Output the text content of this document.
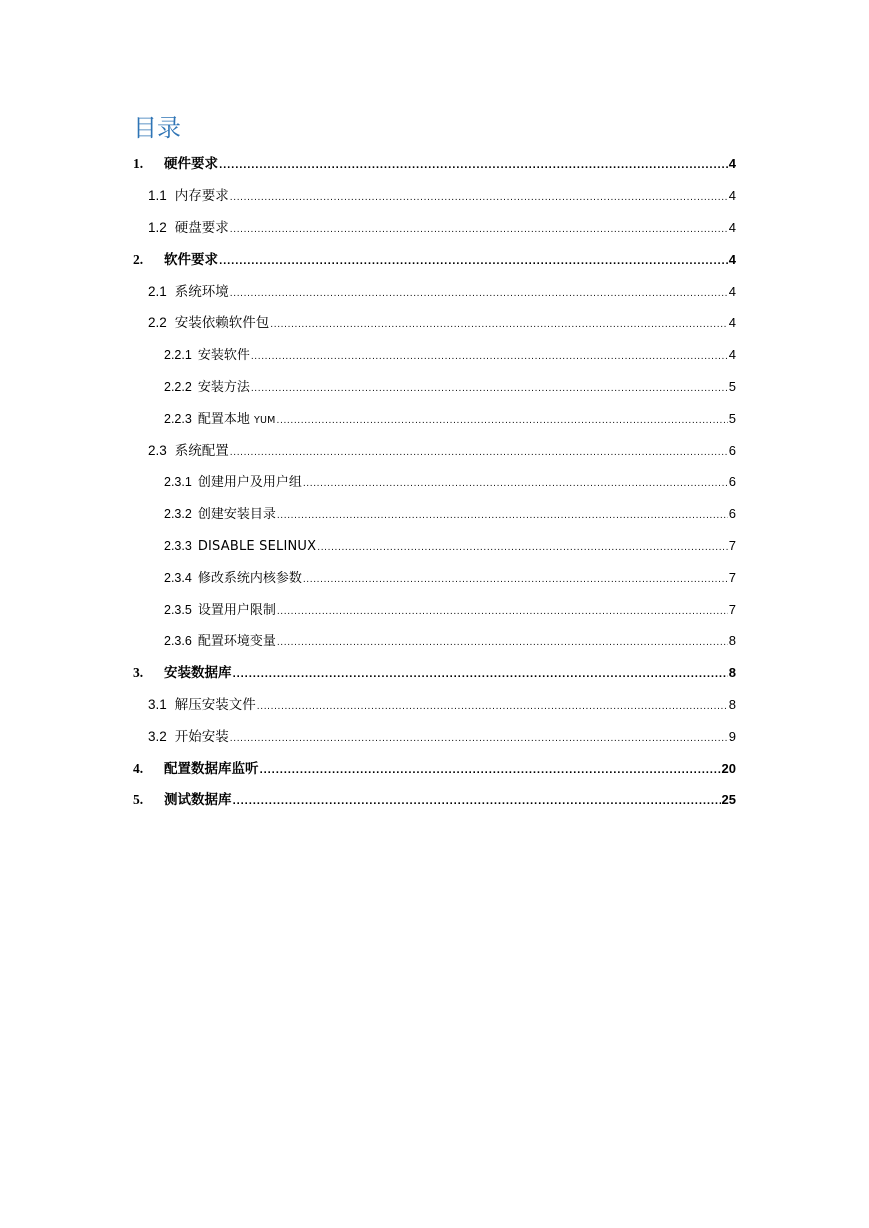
目录
1.	硬件要求 .....	4
1.1 内存要求 .....	4
1.2 硬盘要求 .....	4
2.	软件要求 .....	4
2.1 系统环境 .....	4
2.2 安装依赖软件包 .....	4
2.2.1 安装软件 .....	4
2.2.2 安装方法 .....	5
2.2.3 配置本地 YUM .....	5
2.3 系统配置 .....	6
2.3.1 创建用户及用户组 .....	6
2.3.2 创建安装目录 .....	6
2.3.3 DISABLE SELINUX .....	7
2.3.4 修改系统内核参数 .....	7
2.3.5 设置用户限制 .....	7
2.3.6 配置环境变量 .....	8
3.	安装数据库 .....	8
3.1 解压安装文件 .....	8
3.2 开始安装 .....	9
4.	配置数据库监听 .....	20
5.	测试数据库 .....	25
